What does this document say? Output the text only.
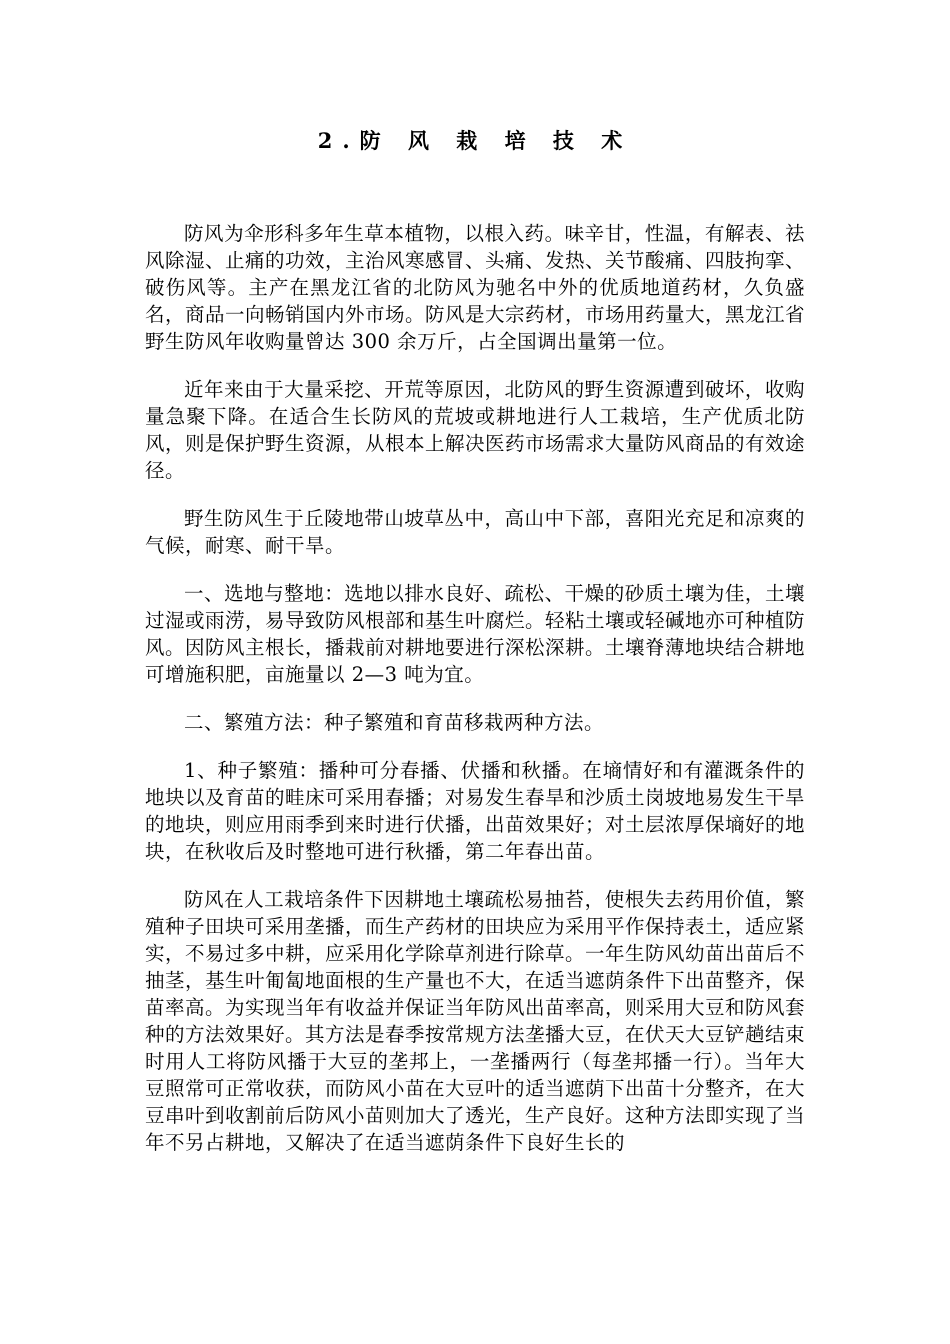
2.防 风 栽 培 技 术

防风为伞形科多年生草本植物，以根入药。味辛甘，性温，有解表、祛风除湿、止痛的功效，主治风寒感冒、头痛、发热、关节酸痛、四肢拘挛、破伤风等。主产在黑龙江省的北防风为驰名中外的优质地道药材，久负盛名，商品一向畅销国内外市场。防风是大宗药材，市场用药量大，黑龙江省野生防风年收购量曾达 300 余万斤，占全国调出量第一位。

近年来由于大量采挖、开荒等原因，北防风的野生资源遭到破坏，收购量急聚下降。在适合生长防风的荒坡或耕地进行人工栽培，生产优质北防风，则是保护野生资源，从根本上解决医药市场需求大量防风商品的有效途径。

野生防风生于丘陵地带山坡草丛中，高山中下部，喜阳光充足和凉爽的气候，耐寒、耐干旱。

一、选地与整地：选地以排水良好、疏松、干燥的砂质土壤为佳，土壤过湿或雨涝，易导致防风根部和基生叶腐烂。轻粘土壤或轻碱地亦可种植防风。因防风主根长，播栽前对耕地要进行深松深耕。土壤脊薄地块结合耕地可增施积肥，亩施量以 2—3 吨为宜。

二、繁殖方法：种子繁殖和育苗移栽两种方法。

1、种子繁殖：播种可分春播、伏播和秋播。在墒情好和有灌溉条件的地块以及育苗的畦床可采用春播；对易发生春旱和沙质土岗坡地易发生干旱的地块，则应用雨季到来时进行伏播，出苗效果好；对土层浓厚保墒好的地块，在秋收后及时整地可进行秋播，第二年春出苗。

防风在人工栽培条件下因耕地土壤疏松易抽苔，使根失去药用价值，繁殖种子田块可采用垄播，而生产药材的田块应为采用平作保持表土，适应紧实，不易过多中耕，应采用化学除草剂进行除草。一年生防风幼苗出苗后不抽茎，基生叶匍匐地面根的生产量也不大，在适当遮荫条件下出苗整齐，保苗率高。为实现当年有收益并保证当年防风出苗率高，则采用大豆和防风套种的方法效果好。其方法是春季按常规方法垄播大豆，在伏天大豆铲趟结束时用人工将防风播于大豆的垄邦上，一垄播两行（每垄邦播一行）。当年大豆照常可正常收获，而防风小苗在大豆叶的适当遮荫下出苗十分整齐，在大豆串叶到收割前后防风小苗则加大了透光，生产良好。这种方法即实现了当年不另占耕地，又解决了在适当遮荫条件下良好生长的
